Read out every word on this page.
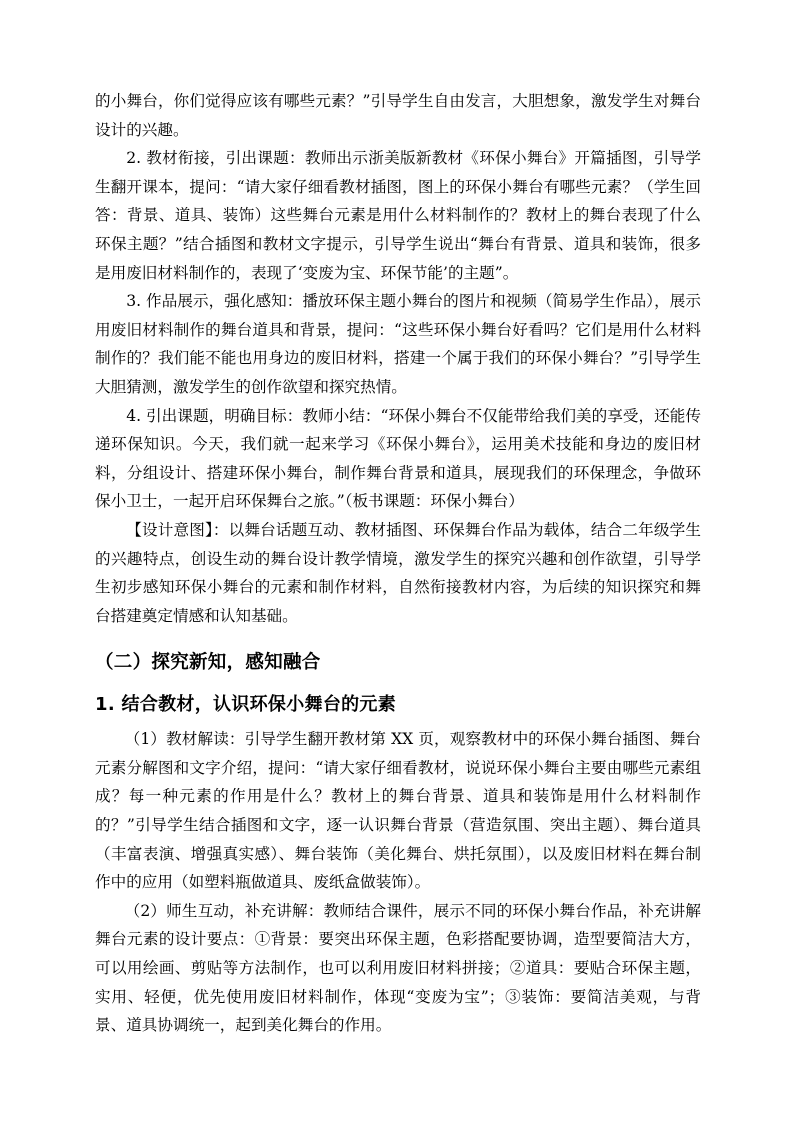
的小舞台，你们觉得应该有哪些元素？”引导学生自由发言，大胆想象，激发学生对舞台设计的兴趣。

2. 教材衔接，引出课题：教师出示浙美版新教材《环保小舞台》开篇插图，引导学生翻开课本，提问：“请大家仔细看教材插图，图上的环保小舞台有哪些元素？（学生回答：背景、道具、装饰）这些舞台元素是用什么材料制作的？教材上的舞台表现了什么环保主题？”结合插图和教材文字提示，引导学生说出“舞台有背景、道具和装饰，很多是用废旧材料制作的，表现了‘变废为宝、环保节能’的主题”。

3. 作品展示，强化感知：播放环保主题小舞台的图片和视频（简易学生作品），展示用废旧材料制作的舞台道具和背景，提问：“这些环保小舞台好看吗？它们是用什么材料制作的？我们能不能也用身边的废旧材料，搭建一个属于我们的环保小舞台？”引导学生大胆猜测，激发学生的创作欲望和探究热情。

4. 引出课题，明确目标：教师小结：“环保小舞台不仅能带给我们美的享受，还能传递环保知识。今天，我们就一起来学习《环保小舞台》，运用美术技能和身边的废旧材料，分组设计、搭建环保小舞台，制作舞台背景和道具，展现我们的环保理念，争做环保小卫士，一起开启环保舞台之旅。”（板书课题：环保小舞台）

【设计意图】：以舞台话题互动、教材插图、环保舞台作品为载体，结合二年级学生的兴趣特点，创设生动的舞台设计教学情境，激发学生的探究兴趣和创作欲望，引导学生初步感知环保小舞台的元素和制作材料，自然衔接教材内容，为后续的知识探究和舞台搭建奠定情感和认知基础。

（二）探究新知，感知融合
1. 结合教材，认识环保小舞台的元素

（1）教材解读：引导学生翻开教材第 XX 页，观察教材中的环保小舞台插图、舞台元素分解图和文字介绍，提问：“请大家仔细看教材，说说环保小舞台主要由哪些元素组成？每一种元素的作用是什么？教材上的舞台背景、道具和装饰是用什么材料制作的？”引导学生结合插图和文字，逐一认识舞台背景（营造氛围、突出主题）、舞台道具（丰富表演、增强真实感）、舞台装饰（美化舞台、烘托氛围），以及废旧材料在舞台制作中的应用（如塑料瓶做道具、废纸盒做装饰）。

（2）师生互动，补充讲解：教师结合课件，展示不同的环保小舞台作品，补充讲解舞台元素的设计要点：①背景：要突出环保主题，色彩搭配要协调，造型要简洁大方，可以用绘画、剪贴等方法制作，也可以利用废旧材料拼接；②道具：要贴合环保主题，实用、轻便，优先使用废旧材料制作，体现“变废为宝”；③装饰：要简洁美观，与背景、道具协调统一，起到美化舞台的作用。
